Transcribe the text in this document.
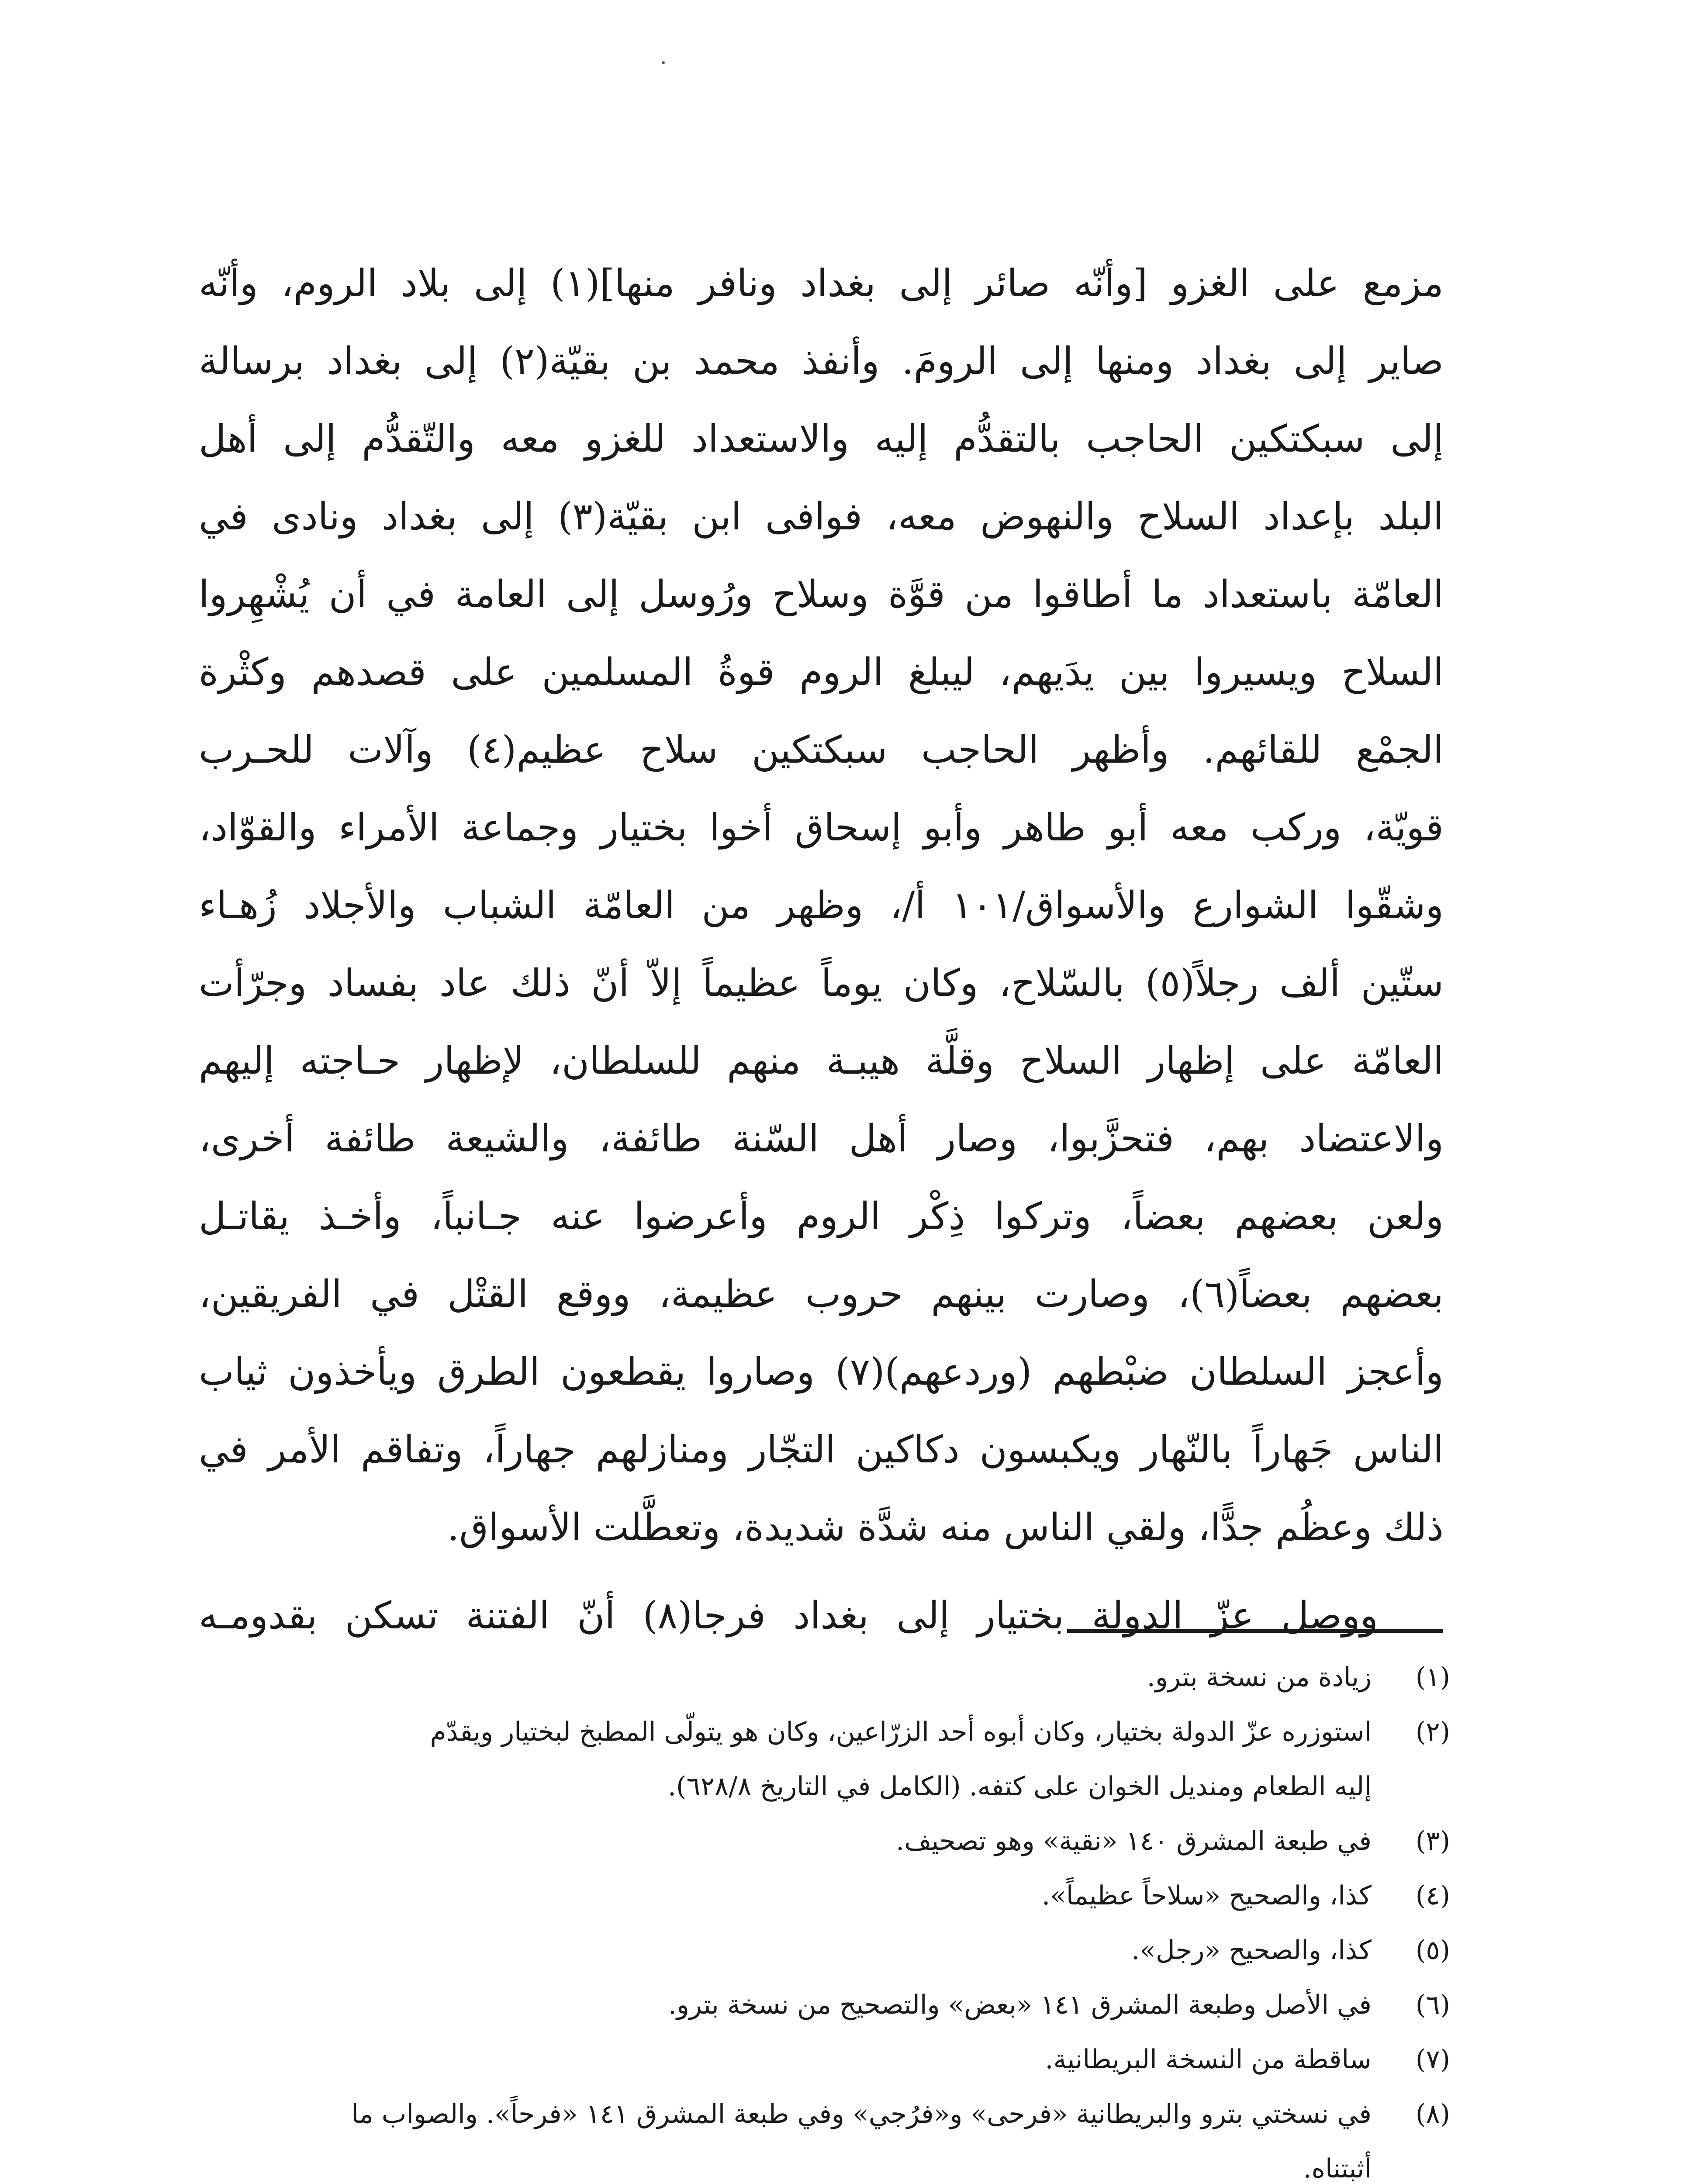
مزمع على الغزو [وأنّه صائر إلى بغداد ونافر منها](١) إلى بلاد الروم، وأنّه
صاير إلى بغداد ومنها إلى الرومَ. وأنفذ محمد بن بقيّة(٢) إلى بغداد برسالة
إلى سبكتكين الحاجب بالتقدُّم إليه والاستعداد للغزو معه والتّقدُّم إلى أهل
البلد بإعداد السلاح والنهوض معه، فوافى ابن بقيّة(٣) إلى بغداد ونادى في
العامّة باستعداد ما أطاقوا من قوَّة وسلاح ورُوسل إلى العامة في أن يُشْهِروا
السلاح ويسيروا بين يدَيهم، ليبلغ الروم قوةُ المسلمين على قصدهم وكثْرة
الجمْع للقائهم. وأظهر الحاجب سبكتكين سلاح عظيم(٤) وآلات للحـرب
قويّة، وركب معه أبو طاهر وأبو إسحاق أخوا بختيار وجماعة الأمراء والقوّاد،
وشقّوا الشوارع والأسواق/١٠١ أ/، وظهر من العامّة الشباب والأجلاد زُهـاء
ستّين ألف رجلاً(٥) بالسّلاح، وكان يوماً عظيماً إلاّ أنّ ذلك عاد بفساد وجرّأت
العامّة على إظهار السلاح وقلَّة هيبـة منهم للسلطان، لإظهار حـاجته إليهم
والاعتضاد بهم، فتحزَّبوا، وصار أهل السّنة طائفة، والشيعة طائفة أخرى،
ولعن بعضهم بعضاً، وتركوا ذِكْر الروم وأعرضوا عنه جـانباً، وأخـذ يقاتـل
بعضهم بعضاً(٦)، وصارت بينهم حروب عظيمة، ووقع القتْل في الفريقين،
وأعجز السلطان ضبْطهم (وردعهم)(٧) وصاروا يقطعون الطرق ويأخذون ثياب
الناس جَهاراً بالنّهار ويكبسون دكاكين التجّار ومنازلهم جهاراً، وتفاقم الأمر في
ذلك وعظُم جدًّا، ولقي الناس منه شدَّة شديدة، وتعطَّلت الأسواق.
ووصل عزّ الدولة بختيار إلى بغداد فرجا(٨) أنّ الفتنة تسكن بقدومـه
(١)
زيادة من نسخة بترو.
(٢)
استوزره عزّ الدولة بختيار، وكان أبوه أحد الزرّاعين، وكان هو يتولّى المطبخ لبختيار ويقدّم
إليه الطعام ومنديل الخوان على كتفه. (الكامل في التاريخ ٦٢٨/٨).
(٣)
في طبعة المشرق ١٤٠ «نقية» وهو تصحيف.
(٤)
كذا، والصحيح «سلاحاً عظيماً».
(٥)
كذا، والصحيح «رجل».
(٦)
في الأصل وطبعة المشرق ١٤١ «بعض» والتصحيح من نسخة بترو.
(٧)
ساقطة من النسخة البريطانية.
(٨)
في نسختي بترو والبريطانية «فرحى» و«فرُجي» وفي طبعة المشرق ١٤١ «فرحاً». والصواب ما
أثبتناه.
